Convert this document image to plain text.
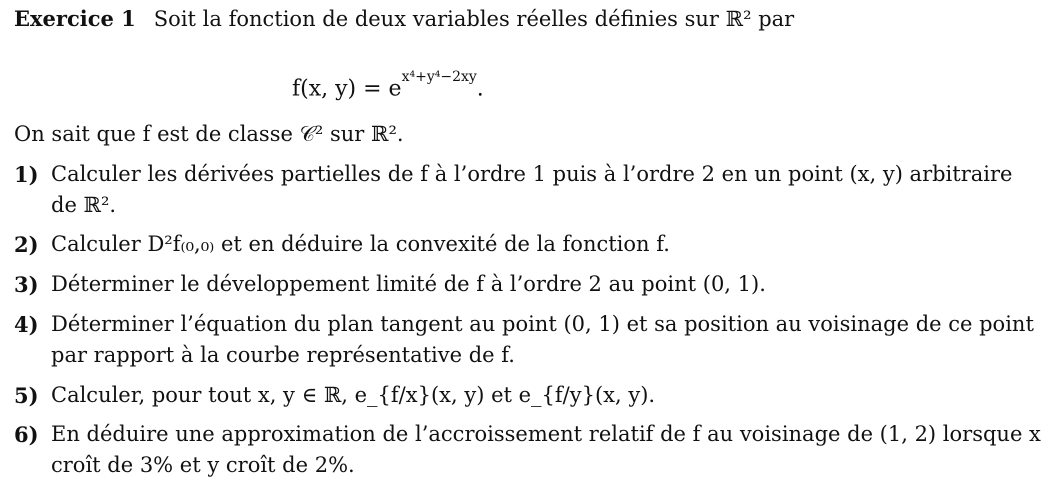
Exercice 1 Soit la fonction de deux variables réelles définies sur ℝ² par
f(x, $y) = e^{x^4+y^4-2xy}$.
On sait que f est de classe 𝒞² sur ℝ².
1) Calculer les dérivées partielles de f à l’ordre 1 puis à l’ordre 2 en un point (x, y) arbitraire de ℝ².
2) Calculer D²f₍₀,₀₎ et en déduire la convexité de la fonction f.
3) Déterminer le développement limité de f à l’ordre 2 au point (0, 1).
4) Déterminer l’équation du plan tangent au point (0, 1) et sa position au voisinage de ce point par rapport à la courbe représentative de f.
5) Calculer, pour tout x, y ∈ ℝ, e_{f/x}(x, y) et e_{f/y}(x, y).
6) En déduire une approximation de l’accroissement relatif de f au voisinage de (1, 2) lorsque x croît de 3% et y croît de 2%.
